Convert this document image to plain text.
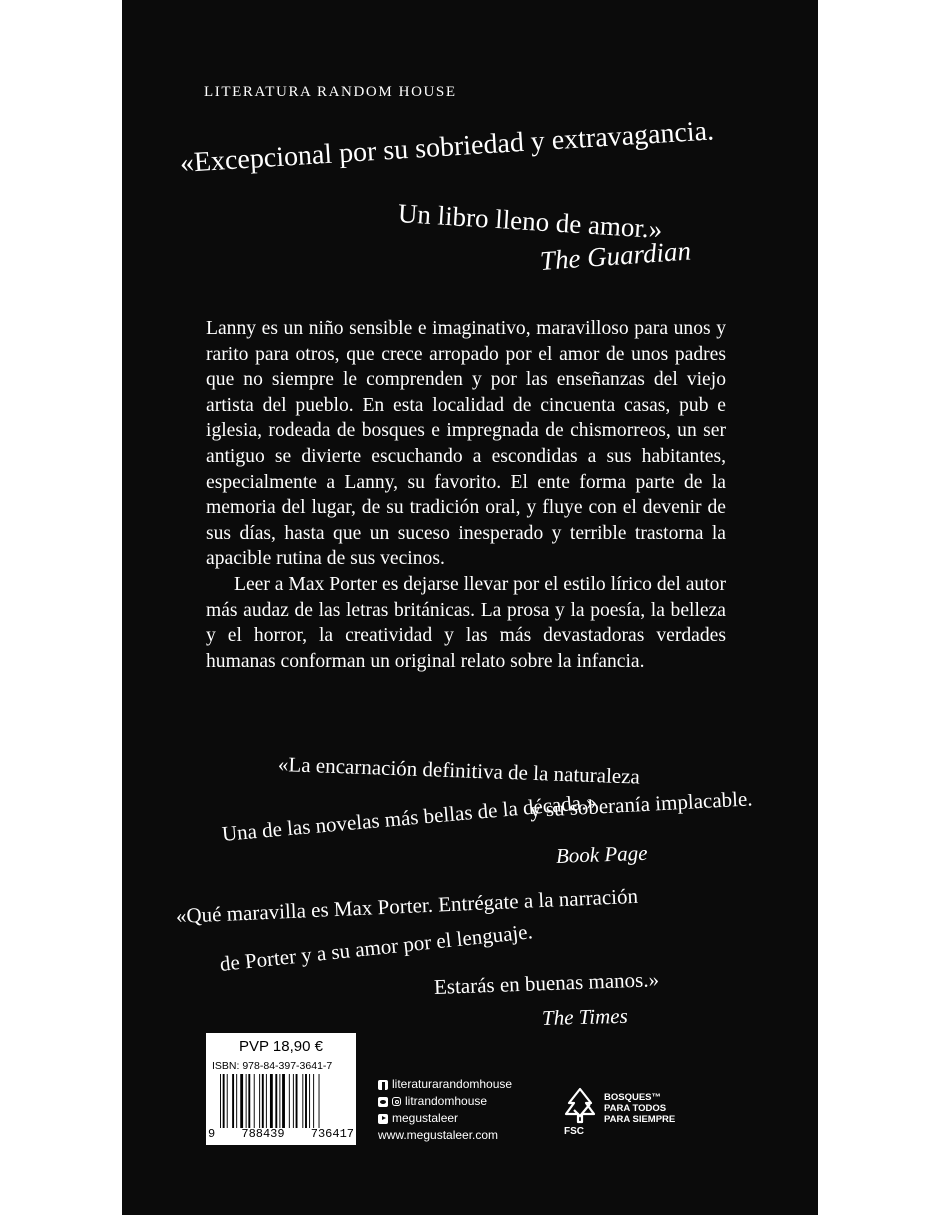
LITERATURA RANDOM HOUSE
«Excepcional por su sobriedad y extravagancia.
Un libro lleno de amor.»
The Guardian

Lanny es un niño sensible e imaginativo, maravilloso para unos y rarito para otros, que crece arropado por el amor de unos padres que no siempre le comprenden y por las enseñanzas del viejo artista del pueblo. En esta localidad de cincuenta casas, pub e iglesia, rodeada de bosques e impregnada de chismorreos, un ser antiguo se divierte escuchando a escondidas a sus habitantes, especialmente a Lanny, su favorito. El ente forma parte de la memoria del lugar, de su tradición oral, y fluye con el devenir de sus días, hasta que un suceso inesperado y terrible trastorna la apacible rutina de sus vecinos.

Leer a Max Porter es dejarse llevar por el estilo lírico del autor más audaz de las letras británicas. La prosa y la poesía, la belleza y el horror, la creatividad y las más devastadoras verdades humanas conforman un original relato sobre la infancia.

«La encarnación definitiva de la naturaleza
y su soberanía implacable.
Una de las novelas más bellas de la década.»
Book Page
«Qué maravilla es Max Porter. Entrégate a la narración
de Porter y a su amor por el lenguaje.
Estarás en buenas manos.»
The Times
PVP 18,90 €
ISBN: 978-84-397-3641-7
9 788439 736417
literaturarandomhouse
litrandomhouse
megustaleer
www.megustaleer.com	FSC
BOSQUES™
PARA TODOS
PARA SIEMPRE
